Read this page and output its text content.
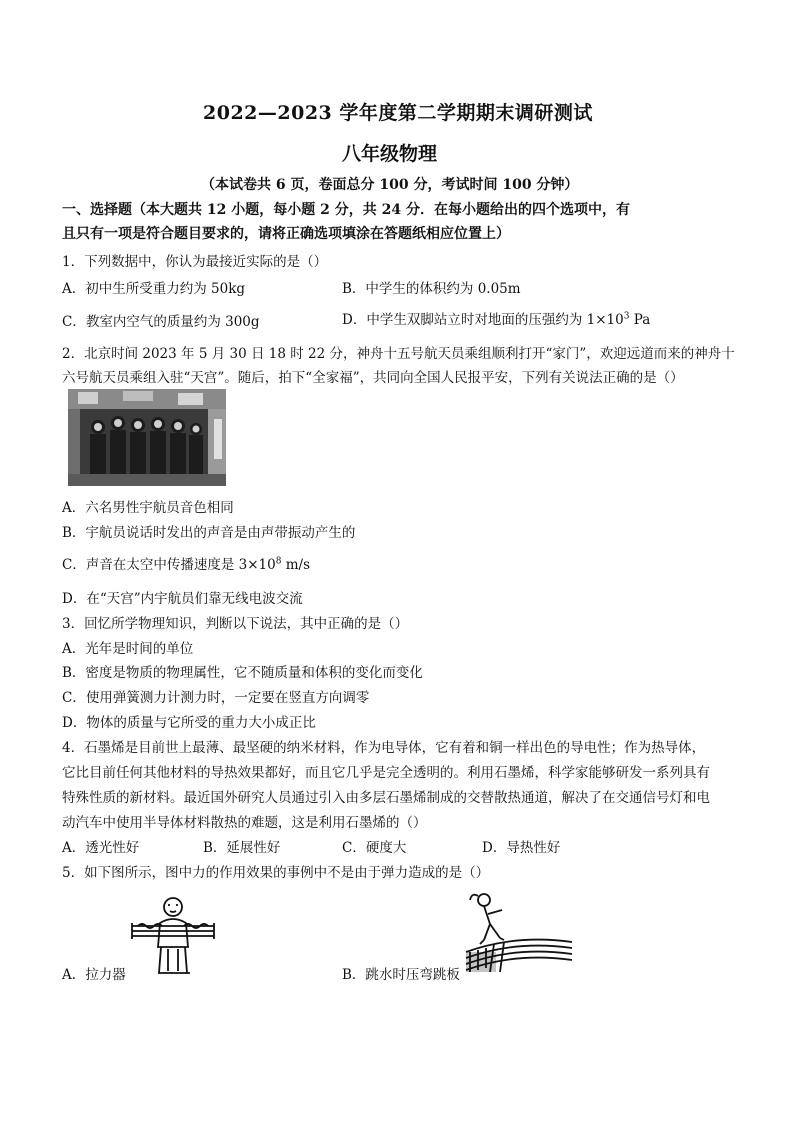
2022—2023 学年度第二学期期末调研测试
八年级物理
（本试卷共 6 页，卷面总分 100 分，考试时间 100 分钟）
一、选择题（本大题共 12 小题，每小题 2 分，共 24 分．在每小题给出的四个选项中，有
且只有一项是符合题目要求的，请将正确选项填涂在答题纸相应位置上）
1．下列数据中，你认为最接近实际的是（）
A．初中生所受重力约为 50kg	B．中学生的体积约为 0.05m
C．教室内空气的质量约为 300g	D．中学生双脚站立时对地面的压强约为 $1\times 10^3$ Pa
2．北京时间 2023 年 5 月 30 日 18 时 22 分，神舟十五号航天员乘组顺利打开“家门”，欢迎远道而来的神舟十
六号航天员乘组入驻“天宫”。随后，拍下“全家福”，共同向全国人民报平安，下列有关说法正确的是（）
A．六名男性宇航员音色相同
B．宇航员说话时发出的声音是由声带振动产生的
C．声音在太空中传播速度是 $3\times 10^8$ m/s
D．在“天宫”内宇航员们靠无线电波交流
3．回忆所学物理知识，判断以下说法，其中正确的是（）
A．光年是时间的单位
B．密度是物质的物理属性，它不随质量和体积的变化而变化
C．使用弹簧测力计测力时，一定要在竖直方向调零
D．物体的质量与它所受的重力大小成正比
4．石墨烯是目前世上最薄、最坚硬的纳米材料，作为电导体，它有着和铜一样出色的导电性；作为热导体，
它比目前任何其他材料的导热效果都好，而且它几乎是完全透明的。利用石墨烯，科学家能够研发一系列具有
特殊性质的新材料。最近国外研究人员通过引入由多层石墨烯制成的交替散热通道，解决了在交通信号灯和电
动汽车中使用半导体材料散热的难题，这是利用石墨烯的（）
A．透光性好	B．延展性好	C．硬度大	D．导热性好
5．如下图所示，图中力的作用效果的事例中不是由于弹力造成的是（）
A．拉力器	B．跳水时压弯跳板
